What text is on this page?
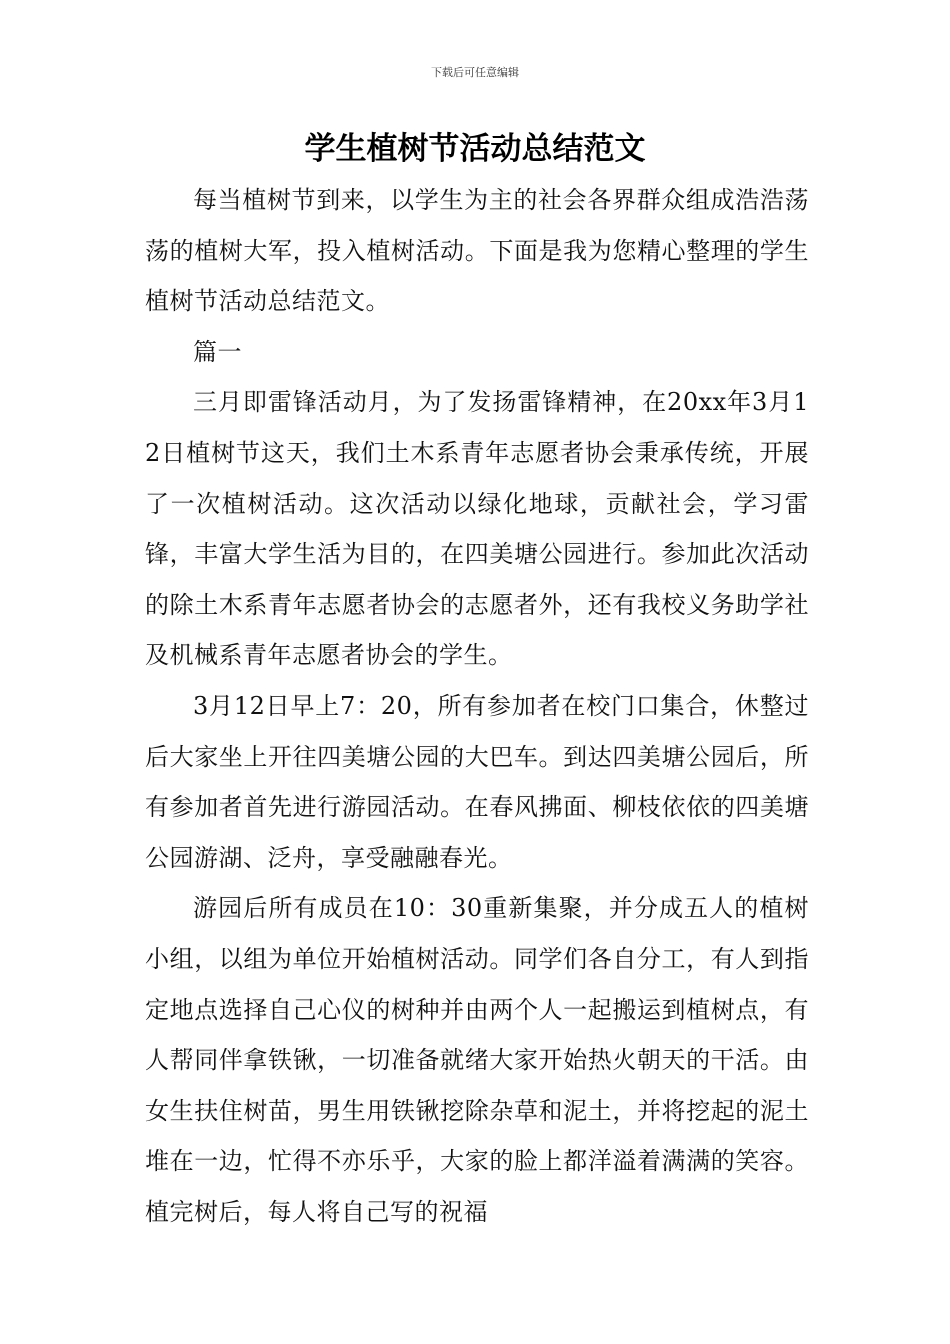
下载后可任意编辑
学生植树节活动总结范文

每当植树节到来，以学生为主的社会各界群众组成浩浩荡荡的植树大军，投入植树活动。下面是我为您精心整理的学生植树节活动总结范文。

篇一

三月即雷锋活动月，为了发扬雷锋精神，在20xx年3月12日植树节这天，我们土木系青年志愿者协会秉承传统，开展了一次植树活动。这次活动以绿化地球，贡献社会，学习雷锋，丰富大学生活为目的，在四美塘公园进行。参加此次活动的除土木系青年志愿者协会的志愿者外，还有我校义务助学社及机械系青年志愿者协会的学生。

3月12日早上7：20，所有参加者在校门口集合，休整过后大家坐上开往四美塘公园的大巴车。到达四美塘公园后，所有参加者首先进行游园活动。在春风拂面、柳枝依依的四美塘公园游湖、泛舟，享受融融春光。

游园后所有成员在10：30重新集聚，并分成五人的植树小组，以组为单位开始植树活动。同学们各自分工，有人到指定地点选择自己心仪的树种并由两个人一起搬运到植树点，有人帮同伴拿铁锹，一切准备就绪大家开始热火朝天的干活。由女生扶住树苗，男生用铁锹挖除杂草和泥土，并将挖起的泥土堆在一边，忙得不亦乐乎，大家的脸上都洋溢着满满的笑容。植完树后，每人将自己写的祝福
